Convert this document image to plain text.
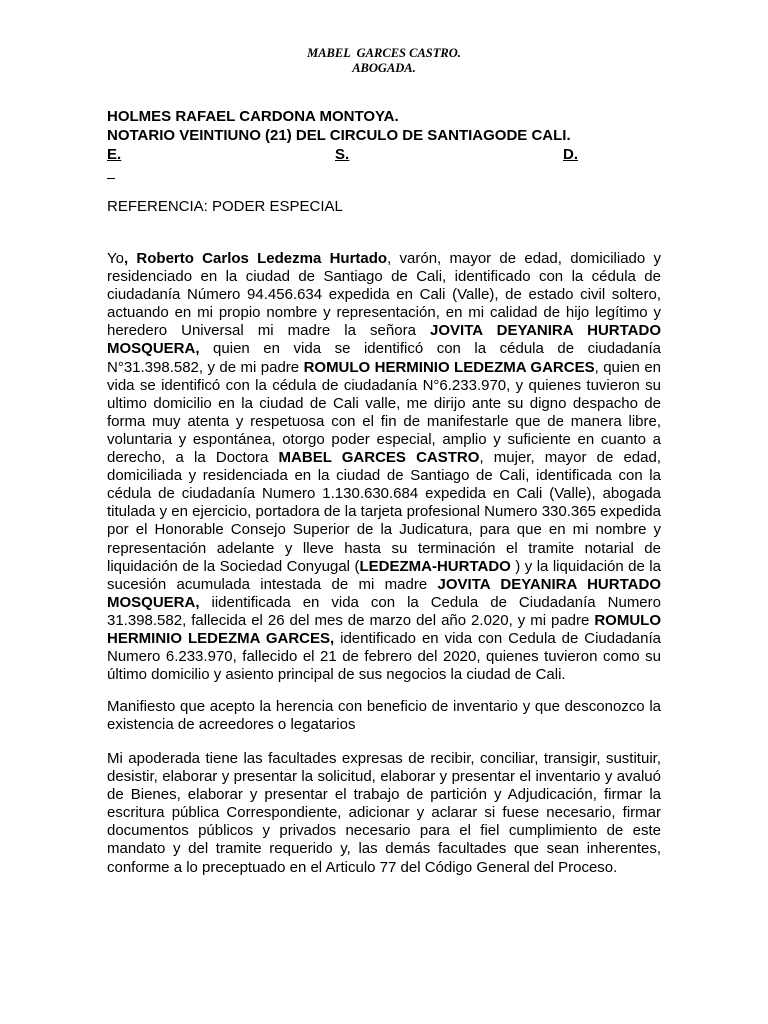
MABEL  GARCES CASTRO.
ABOGADA.
HOLMES RAFAEL CARDONA MONTOYA.
NOTARIO VEINTIUNO (21) DEL CIRCULO DE SANTIAGODE CALI.
E.	S.	D.
REFERENCIA: PODER ESPECIAL

Yo, Roberto Carlos Ledezma Hurtado, varón, mayor de edad, domiciliado y residenciado en la ciudad de Santiago de Cali, identificado con la cédula de ciudadanía Número 94.456.634 expedida en Cali (Valle), de estado civil soltero, actuando en mi propio nombre y representación, en mi calidad de hijo legítimo y heredero Universal mi madre la señora JOVITA DEYANIRA HURTADO MOSQUERA, quien en vida se identificó con la cédula de ciudadanía N°31.398.582, y de mi padre ROMULO HERMINIO LEDEZMA GARCES, quien en vida se identificó con la cédula de ciudadanía N°6.233.970, y quienes tuvieron su ultimo domicilio en la ciudad de Cali valle, me dirijo ante su digno despacho de forma muy atenta y respetuosa con el fin de manifestarle que de manera libre, voluntaria y espontánea, otorgo poder especial, amplio y suficiente en cuanto a derecho, a la Doctora MABEL GARCES CASTRO, mujer, mayor de edad, domiciliada y residenciada en la ciudad de Santiago de Cali, identificada con la cédula de ciudadanía Numero 1.130.630.684 expedida en Cali (Valle), abogada titulada y en ejercicio, portadora de la tarjeta profesional Numero 330.365 expedida por el Honorable Consejo Superior de la Judicatura, para que en mi nombre y representación adelante y lleve hasta su terminación el tramite notarial de liquidación de la Sociedad Conyugal (LEDEZMA-HURTADO ) y la liquidación de la sucesión acumulada intestada de mi madre JOVITA DEYANIRA HURTADO MOSQUERA, iidentificada en vida con la Cedula de Ciudadanía Numero 31.398.582, fallecida el 26 del mes de marzo del año 2.020, y mi padre ROMULO HERMINIO LEDEZMA GARCES, identificado en vida con Cedula de Ciudadanía Numero 6.233.970, fallecido el 21 de febrero del 2020, quienes tuvieron como su último domicilio y asiento principal de sus negocios la ciudad de Cali.

Manifiesto que acepto la herencia con beneficio de inventario y que desconozco la existencia de acreedores o legatarios

Mi apoderada tiene las facultades expresas de recibir, conciliar, transigir, sustituir, desistir, elaborar y presentar la solicitud, elaborar y presentar el inventario y avaluó de Bienes, elaborar y presentar el trabajo de partición y Adjudicación, firmar la escritura pública Correspondiente, adicionar y aclarar si fuese necesario, firmar documentos públicos y privados necesario para el fiel cumplimiento de este mandato y del tramite requerido y, las demás facultades que sean inherentes, conforme a lo preceptuado en el Articulo 77 del Código General del Proceso.
